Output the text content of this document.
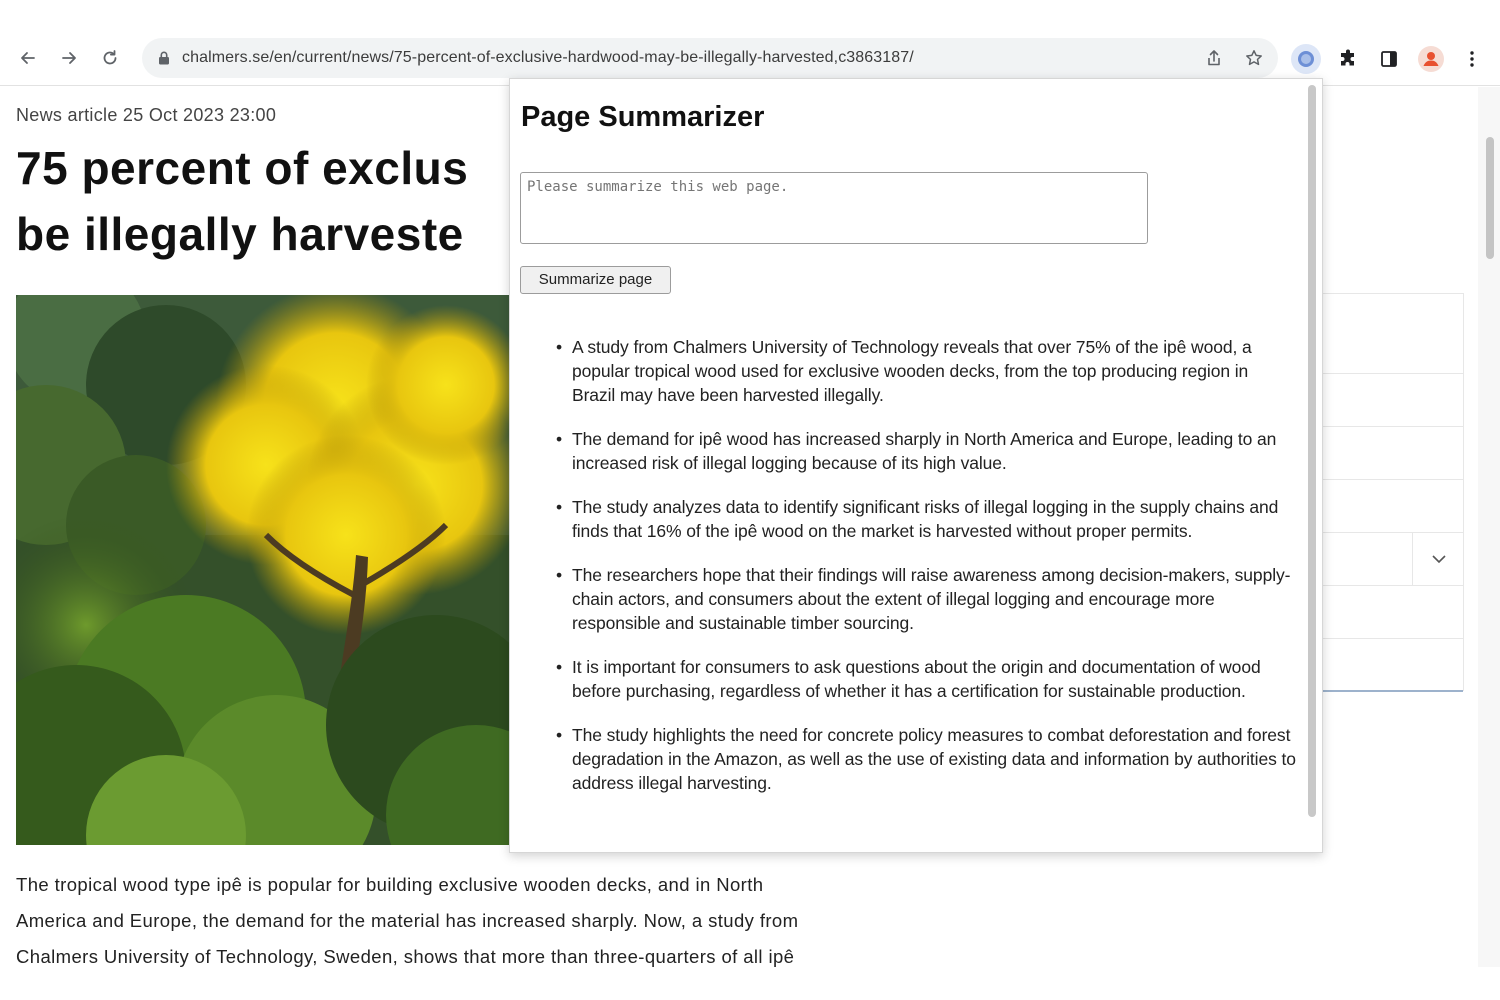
chalmers.se/en/current/news/75-percent-of-exclusive-hardwood-may-be-illegally-harvested,c3863187/
News article 25 Oct 2023 23:00
75 percent of exclus
be illegally harveste
The tropical wood type ipê is popular for building exclusive wooden decks, and in North
America and Europe, the demand for the material has increased sharply. Now, a study from
Chalmers University of Technology, Sweden, shows that more than three-quarters of all ipê
Page Summarizer
Please summarize this web page.
Summarize page
• A study from Chalmers University of Technology reveals that over 75% of the ipê wood, a popular tropical wood used for exclusive wooden decks, from the top producing region in Brazil may have been harvested illegally.
• The demand for ipê wood has increased sharply in North America and Europe, leading to an increased risk of illegal logging because of its high value.
• The study analyzes data to identify significant risks of illegal logging in the supply chains and finds that 16% of the ipê wood on the market is harvested without proper permits.
• The researchers hope that their findings will raise awareness among decision-makers, supply-chain actors, and consumers about the extent of illegal logging and encourage more responsible and sustainable timber sourcing.
• It is important for consumers to ask questions about the origin and documentation of wood before purchasing, regardless of whether it has a certification for sustainable production.
• The study highlights the need for concrete policy measures to combat deforestation and forest degradation in the Amazon, as well as the use of existing data and information by authorities to address illegal harvesting.
